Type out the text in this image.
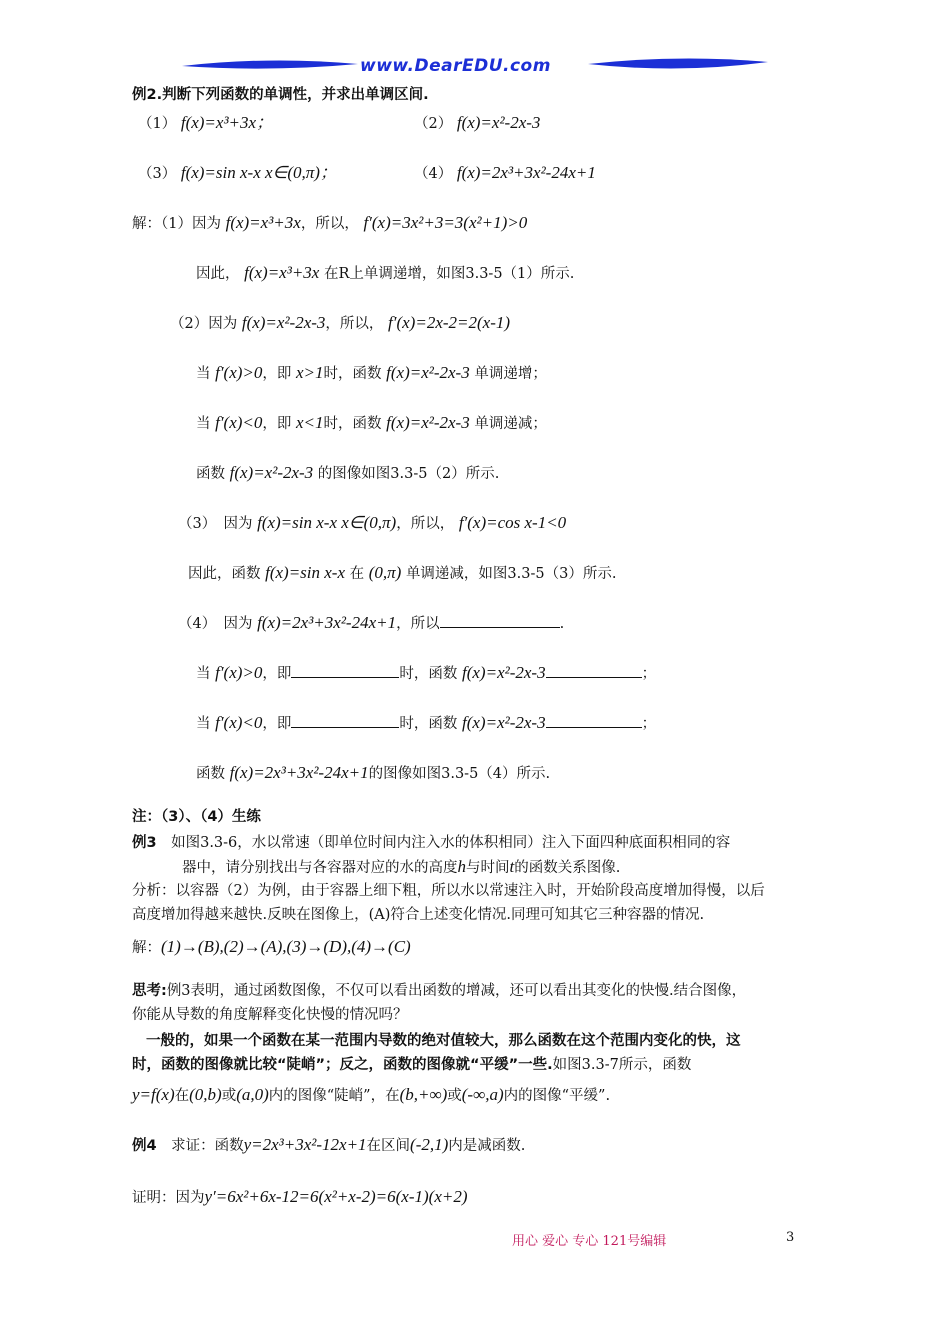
www.DearEDU.com
例2.判断下列函数的单调性，并求出单调区间.
（1） f(x)=x³+3x；	（2） f(x)=x²-2x-3
（3） f(x)=sin x-x x∈(0,π)；	（4） f(x)=2x³+3x²-24x+1
解：（1）因为 f(x)=x³+3x，所以， f′(x)=3x²+3=3(x²+1)>0
因此， f(x)=x³+3x 在R上单调递增，如图3.3-5（1）所示.
（2）因为 f(x)=x²-2x-3，所以， f′(x)=2x-2=2(x-1)
当 f′(x)>0，即 x>1时，函数 f(x)=x²-2x-3 单调递增；
当 f′(x)<0，即 x<1时，函数 f(x)=x²-2x-3 单调递减；
函数 f(x)=x²-2x-3 的图像如图3.3-5（2）所示.
（3）　因为 f(x)=sin x-x x∈(0,π)，所以， f′(x)=cos x-1<0
因此，函数 f(x)=sin x-x 在 (0,π) 单调递减，如图3.3-5（3）所示.
（4）　因为 f(x)=2x³+3x²-24x+1，所以	.
当 f′(x)>0，即	时，函数 f(x)=x²-2x-3	；
当 f′(x)<0，即	时，函数 f(x)=x²-2x-3	；
函数 f(x)=2x³+3x²-24x+1的图像如图3.3-5（4）所示.
注：（3）、（4）生练
例3　 如图3.3-6，水以常速（即单位时间内注入水的体积相同）注入下面四种底面积相同的容
器中，请分别找出与各容器对应的水的高度h与时间t的函数关系图像.
分析：以容器（2）为例，由于容器上细下粗，所以水以常速注入时，开始阶段高度增加得慢，以后
高度增加得越来越快.反映在图像上，(A)符合上述变化情况.同理可知其它三种容器的情况.
解：(1)→(B),(2)→(A),(3)→(D),(4)→(C)
思考:例3表明，通过函数图像，不仅可以看出函数的增减，还可以看出其变化的快慢.结合图像，
你能从导数的角度解释变化快慢的情况吗？
一般的，如果一个函数在某一范围内导数的绝对值较大，那么函数在这个范围内变化的快，这
时，函数的图像就比较“陡峭”；反之，函数的图像就“平缓”一些.如图3.3-7所示，函数
y=f(x)在(0,b)或(a,0)内的图像“陡峭”，在(b,+∞)或(-∞,a)内的图像“平缓”.
例4　 求证：函数y=2x³+3x²-12x+1在区间(-2,1)内是减函数.
证明：因为y′=6x²+6x-12=6(x²+x-2)=6(x-1)(x+2)
用心 爱心 专心 121号编辑	3
